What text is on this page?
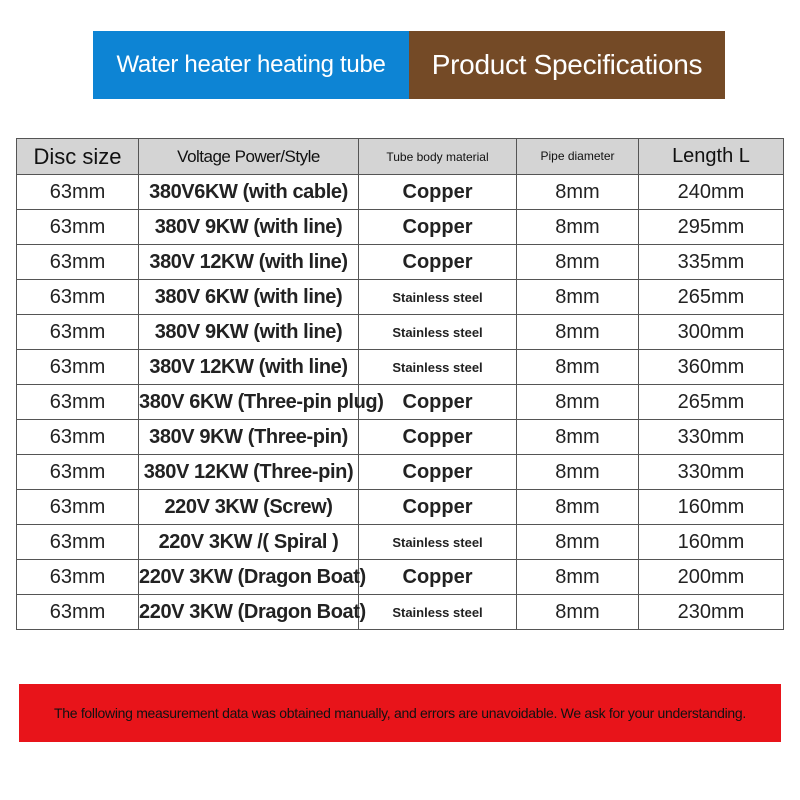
Water heater heating tube	Product Specifications
Disc size	Voltage Power/Style	Tube body material	Pipe diameter	Length L
63mm	380V6KW (with cable)	Copper	8mm	240mm
63mm	380V 9KW (with line)	Copper	8mm	295mm
63mm	380V 12KW (with line)	Copper	8mm	335mm
63mm	380V 6KW (with line)	Stainless steel	8mm	265mm
63mm	380V 9KW (with line)	Stainless steel	8mm	300mm
63mm	380V 12KW (with line)	Stainless steel	8mm	360mm
63mm	380V 6KW (Three-pin plug)	Copper	8mm	265mm
63mm	380V 9KW (Three-pin)	Copper	8mm	330mm
63mm	380V 12KW (Three-pin)	Copper	8mm	330mm
63mm	220V 3KW (Screw)	Copper	8mm	160mm
63mm	220V 3KW /( Spiral )	Stainless steel	8mm	160mm
63mm	220V 3KW (Dragon Boat)	Copper	8mm	200mm
63mm	220V 3KW (Dragon Boat)	Stainless steel	8mm	230mm
The following measurement data was obtained manually, and errors are unavoidable. We ask for your understanding.
